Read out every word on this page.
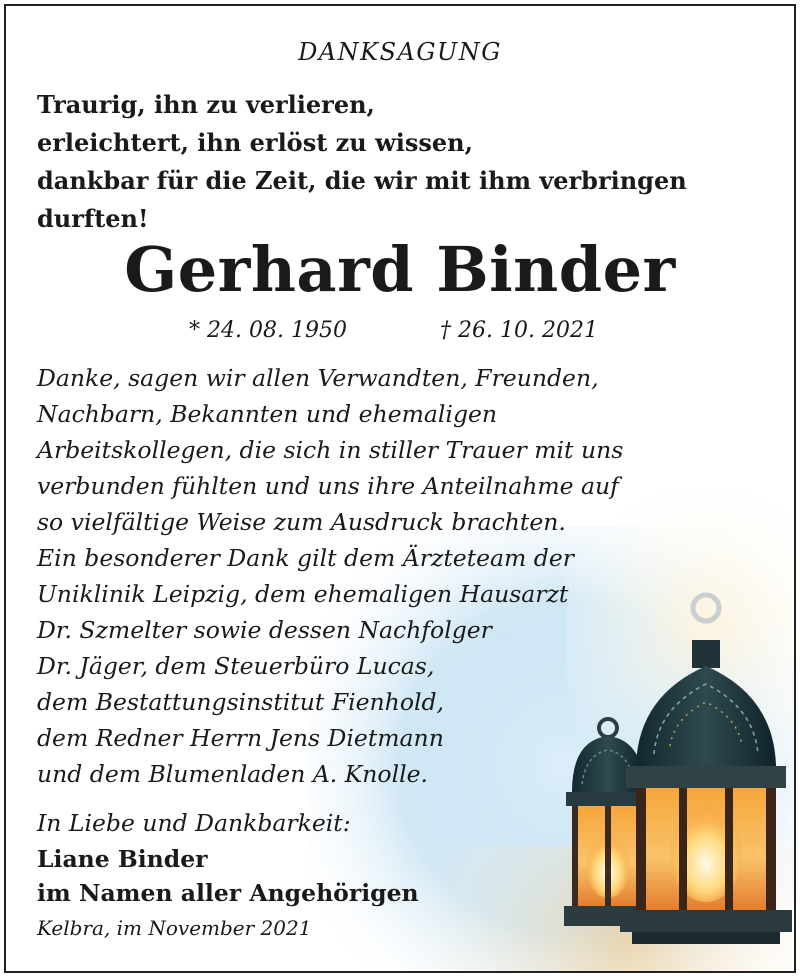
DANKSAGUNG
Traurig, ihn zu verlieren,
erleichtert, ihn erlöst zu wissen,
dankbar für die Zeit, die wir mit ihm verbringen
durften!
Gerhard Binder
* 24. 08. 1950	† 26. 10. 2021
Danke, sagen wir allen Verwandten, Freunden,
Nachbarn, Bekannten und ehemaligen
Arbeitskollegen, die sich in stiller Trauer mit uns
verbunden fühlten und uns ihre Anteilnahme auf
so vielfältige Weise zum Ausdruck brachten.
Ein besonderer Dank gilt dem Ärzteteam der
Uniklinik Leipzig, dem ehemaligen Hausarzt
Dr. Szmelter sowie dessen Nachfolger
Dr. Jäger, dem Steuerbüro Lucas,
dem Bestattungsinstitut Fienhold,
dem Redner Herrn Jens Dietmann
und dem Blumenladen A. Knolle.
In Liebe und Dankbarkeit:
Liane Binder
im Namen aller Angehörigen
Kelbra, im November 2021
